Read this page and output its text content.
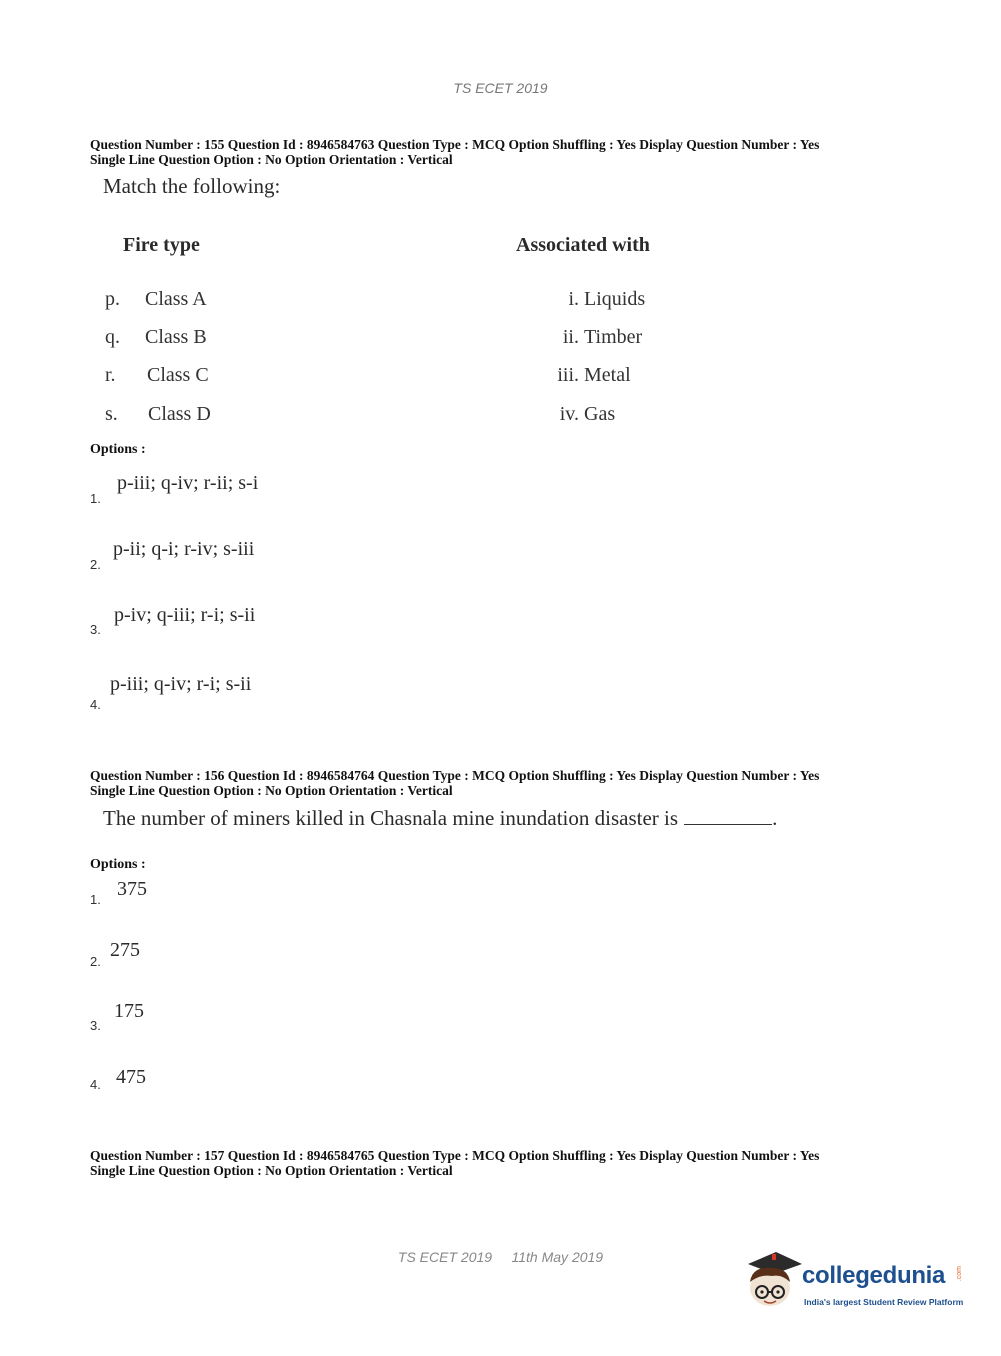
TS ECET 2019
Question Number : 155 Question Id : 8946584763 Question Type : MCQ Option Shuffling : Yes Display Question Number : Yes
Single Line Question Option : No Option Orientation : Vertical
Match the following:
Fire type	Associated with
p. Class A
q. Class B
r. Class C
s. Class D
i. Liquids
ii. Timber
iii. Metal
iv. Gas
Options :
1.
p-iii; q-iv; r-ii; s-i
2.
p-ii; q-i; r-iv; s-iii
3.
p-iv; q-iii; r-i; s-ii
4.
p-iii; q-iv; r-i; s-ii
Question Number : 156 Question Id : 8946584764 Question Type : MCQ Option Shuffling : Yes Display Question Number : Yes
Single Line Question Option : No Option Orientation : Vertical
The number of miners killed in Chasnala mine inundation disaster is	.
Options :
1. 375
2.
275
3.
175
4. 475
Question Number : 157 Question Id : 8946584765 Question Type : MCQ Option Shuffling : Yes Display Question Number : Yes
Single Line Question Option : No Option Orientation : Vertical
TS ECET 2019     11th May 2019
collegedunia .com
India's largest Student Review Platform
